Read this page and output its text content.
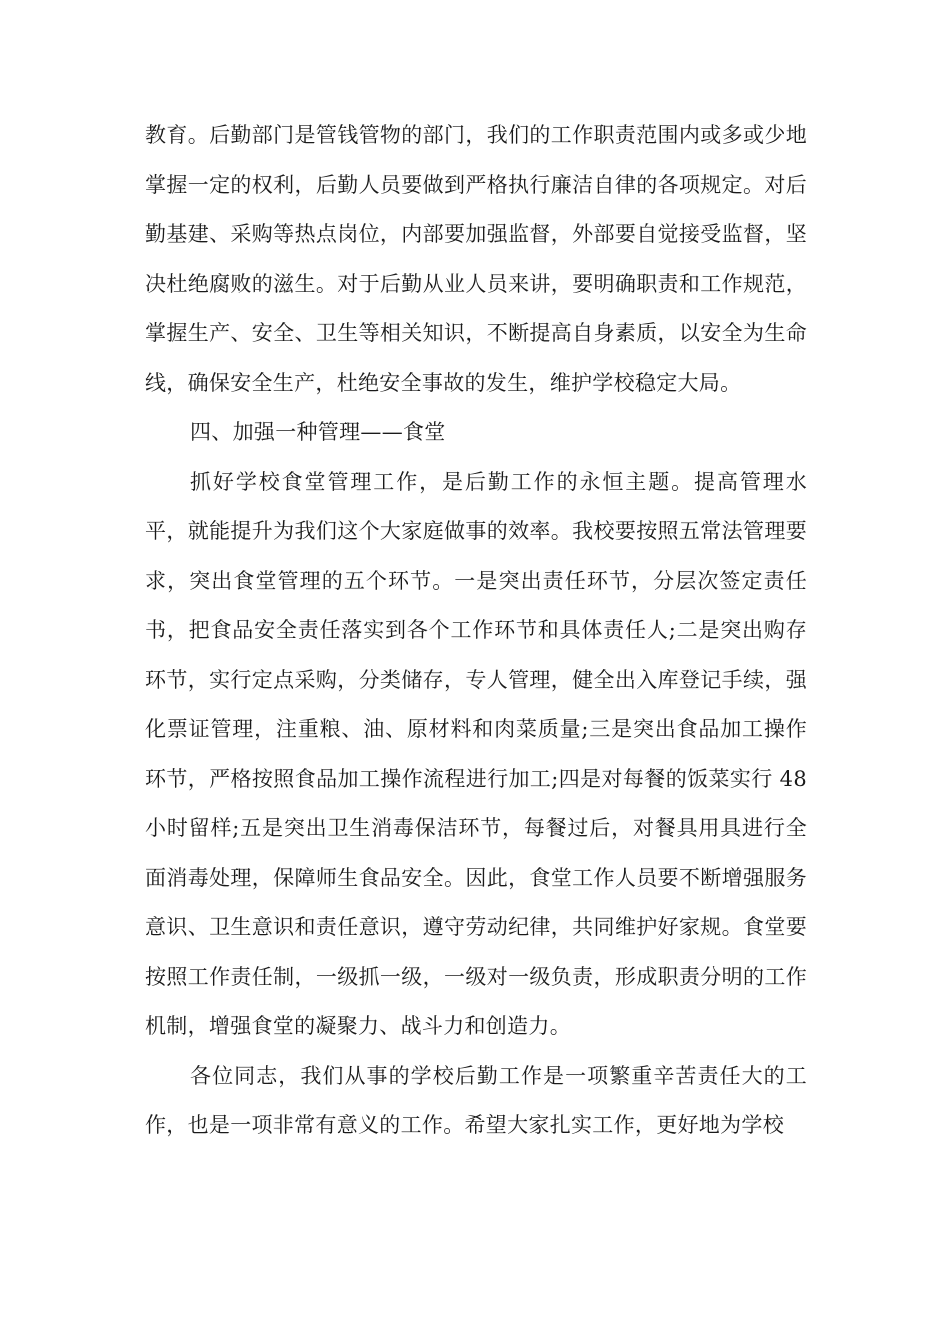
教育。后勤部门是管钱管物的部门，我们的工作职责范围内或多或少地掌握一定的权利，后勤人员要做到严格执行廉洁自律的各项规定。对后勤基建、采购等热点岗位，内部要加强监督，外部要自觉接受监督，坚决杜绝腐败的滋生。对于后勤从业人员来讲，要明确职责和工作规范，掌握生产、安全、卫生等相关知识，不断提高自身素质，以安全为生命线，确保安全生产，杜绝安全事故的发生，维护学校稳定大局。

四、加强一种管理——食堂

抓好学校食堂管理工作，是后勤工作的永恒主题。提高管理水平，就能提升为我们这个大家庭做事的效率。我校要按照五常法管理要求，突出食堂管理的五个环节。一是突出责任环节，分层次签定责任书，把食品安全责任落实到各个工作环节和具体责任人;二是突出购存环节，实行定点采购，分类储存，专人管理，健全出入库登记手续，强化票证管理，注重粮、油、原材料和肉菜质量;三是突出食品加工操作环节，严格按照食品加工操作流程进行加工;四是对每餐的饭菜实行 48 小时留样;五是突出卫生消毒保洁环节，每餐过后，对餐具用具进行全面消毒处理，保障师生食品安全。因此，食堂工作人员要不断增强服务意识、卫生意识和责任意识，遵守劳动纪律，共同维护好家规。食堂要按照工作责任制，一级抓一级，一级对一级负责，形成职责分明的工作机制，增强食堂的凝聚力、战斗力和创造力。

各位同志，我们从事的学校后勤工作是一项繁重辛苦责任大的工作，也是一项非常有意义的工作。希望大家扎实工作，更好地为学校
